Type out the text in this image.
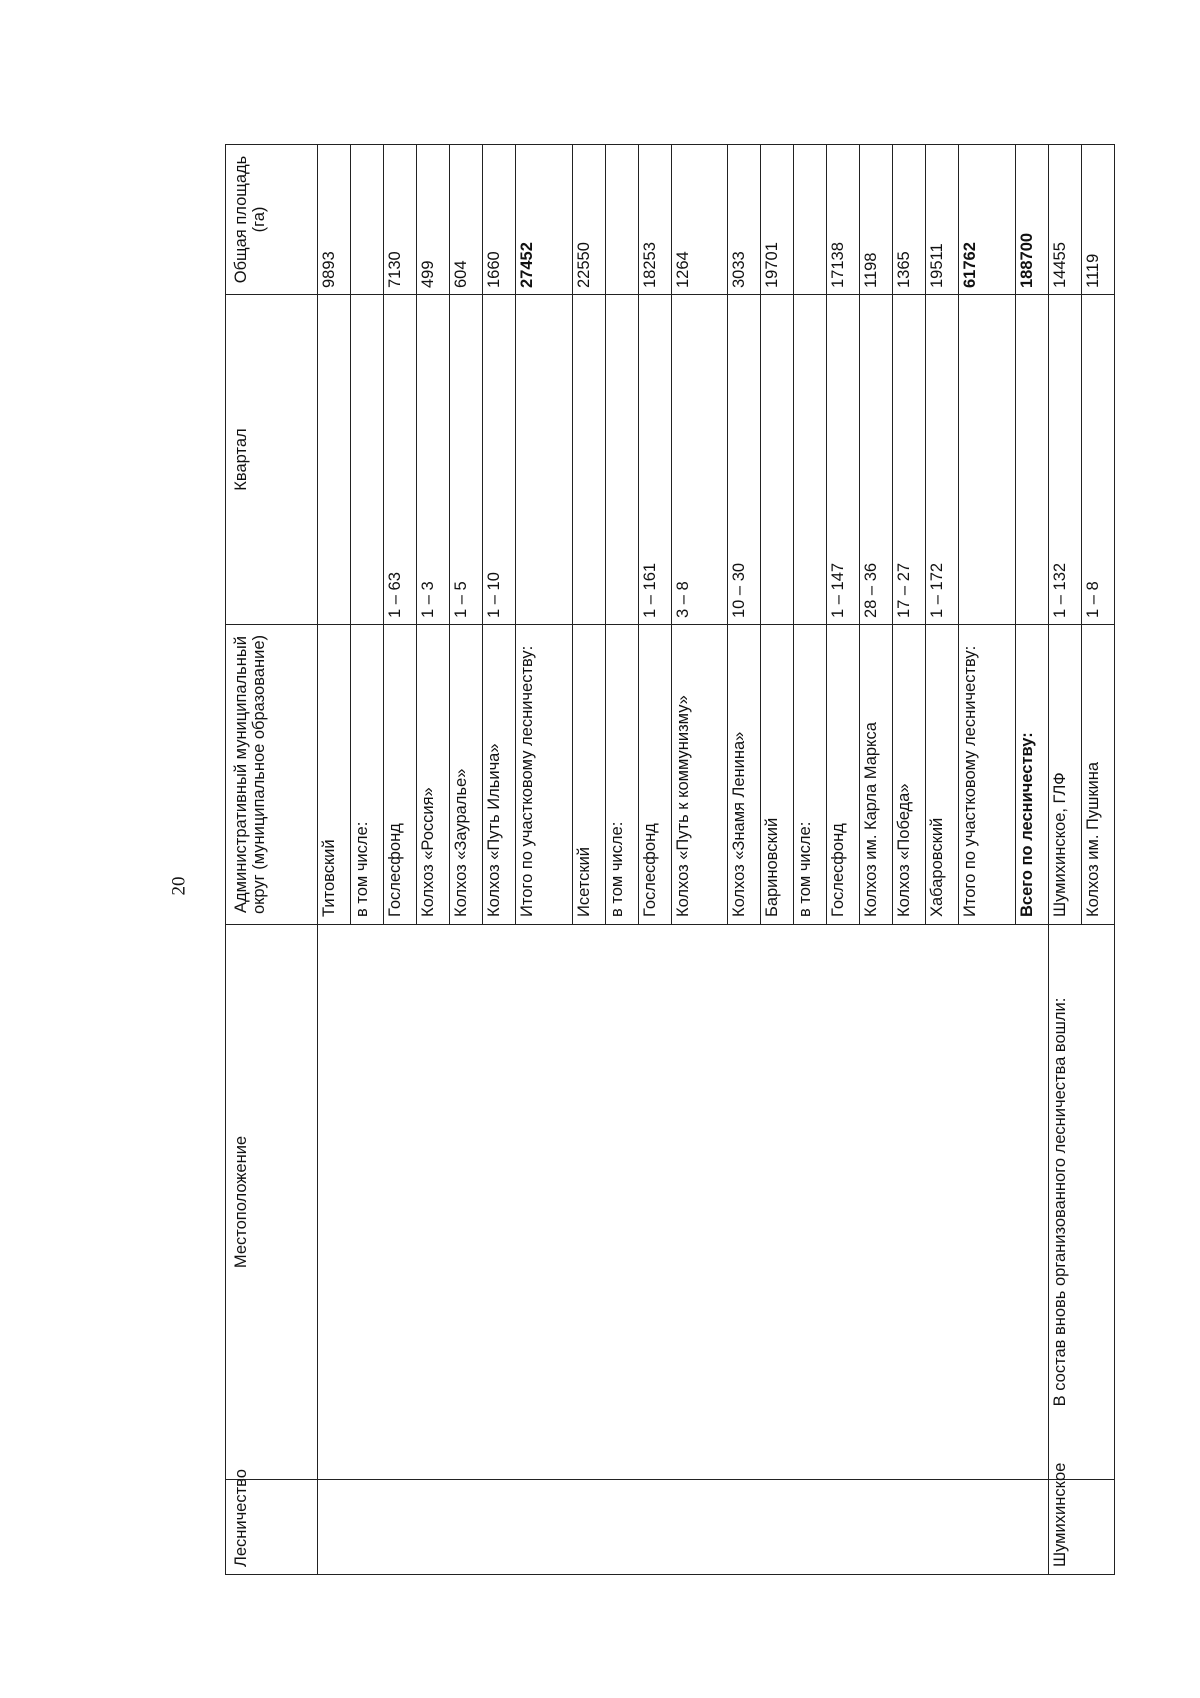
20
Лесничество	Местоположение	Административный муниципальный округ (муниципальное образование)	Квартал	Общая площадь (га)
		Титовский		9893
		в том числе:		
		Гослесфонд	1 – 63	7130
		Колхоз «Россия»	1 – 3	499
		Колхоз «Зауралье»	1 – 5	604
		Колхоз «Путь Ильича»	1 – 10	1660
		Итого по участковому лесничеству:		27452
		Исетский		22550
		в том числе:		
		Гослесфонд	1 – 161	18253
		Колхоз «Путь к коммунизму»	3 – 8	1264
		Колхоз «Знамя Ленина»	10 – 30	3033
		Бариновский		19701
		в том числе:		
		Гослесфонд	1 – 147	17138
		Колхоз им. Карла Маркса	28 – 36	1198
		Колхоз «Победа»	17 – 27	1365
		Хабаровский	1 – 172	19511
		Итого по участковому лесничеству:		61762
		Всего по лесничеству:		188700
Шумихинское	В состав вновь организованного лесничества вошли:	Шумихинское, ГЛФ	1 – 132	14455
		Колхоз им. Пушкина	1 – 8	1119
